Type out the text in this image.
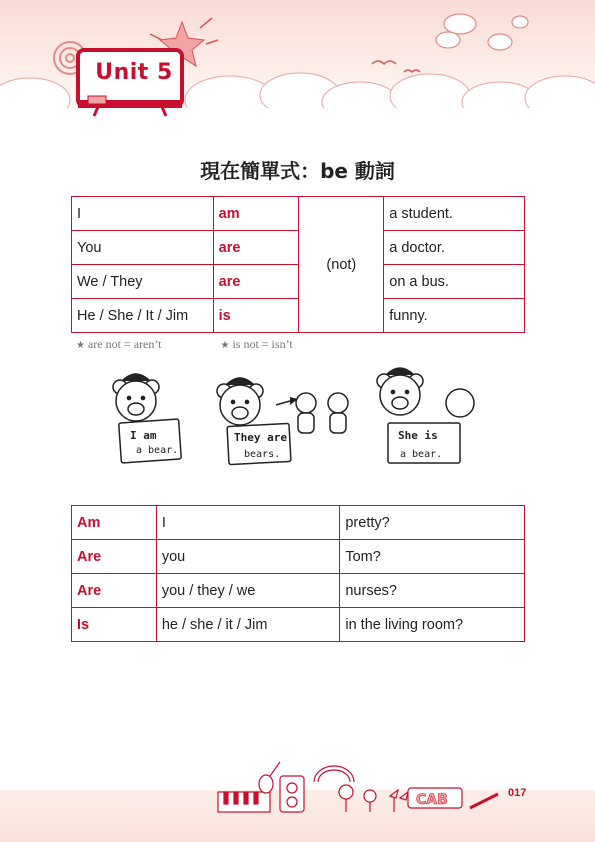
Unit 5
現在簡單式：be 動詞
I	am	(not)	a student.
You	are		a doctor.
We / They	are		on a bus.
He / She / It / Jim	is		funny.
★ are not = aren’t	★ is not = isn’t
I am
a bear.
They are
bears.
She is
a bear.
Am	I	pretty?
Are	you	Tom?
Are	you / they / we	nurses?
Is	he / she / it / Jim	in the living room?
CAB	017
